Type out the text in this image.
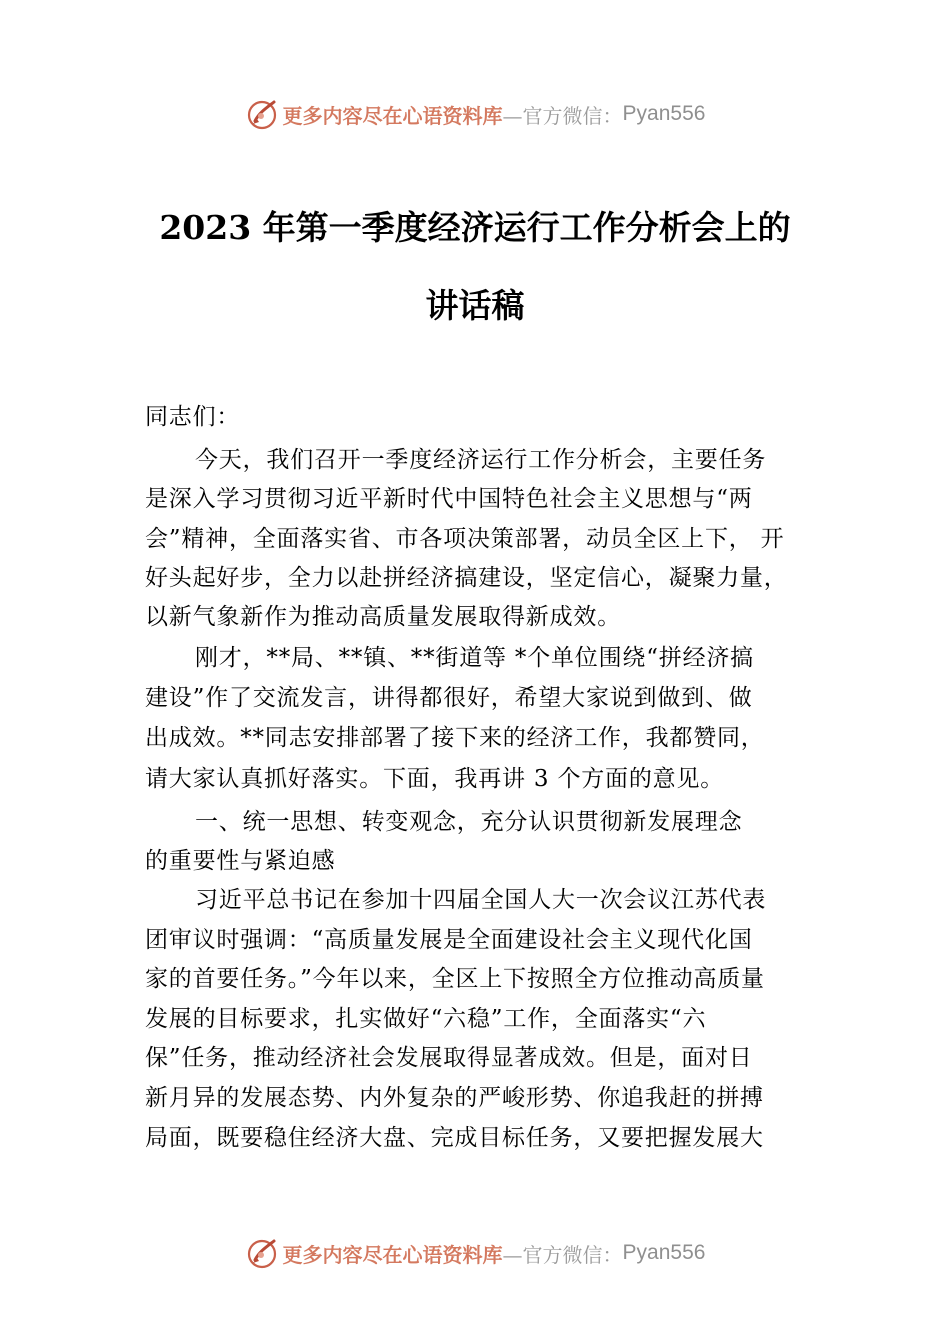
更多内容尽在心语资料库 —官方微信： Pyan556
2023 年第一季度经济运行工作分析会上的
讲话稿
同志们：
今天，我们召开一季度经济运行工作分析会，主要任务
是深入学习贯彻习近平新时代中国特色社会主义思想与“两
会”精神，全面落实省、市各项决策部署，动员全区上下， 开
好头起好步，全力以赴拼经济搞建设，坚定信心，凝聚力量，
以新气象新作为推动高质量发展取得新成效。
刚才，**局、**镇、**街道等 *个单位围绕“拼经济搞
建设”作了交流发言，讲得都很好，希望大家说到做到、做
出成效。**同志安排部署了接下来的经济工作，我都赞同，
请大家认真抓好落实。下面，我再讲 3 个方面的意见。
一、统一思想、转变观念，充分认识贯彻新发展理念
的重要性与紧迫感
习近平总书记在参加十四届全国人大一次会议江苏代表
团审议时强调：“高质量发展是全面建设社会主义现代化国
家的首要任务。”今年以来，全区上下按照全方位推动高质量
发展的目标要求，扎实做好“六稳”工作，全面落实“六
保”任务，推动经济社会发展取得显著成效。但是，面对日
新月异的发展态势、内外复杂的严峻形势、你追我赶的拼搏
局面，既要稳住经济大盘、完成目标任务，又要把握发展大
更多内容尽在心语资料库 —官方微信： Pyan556
